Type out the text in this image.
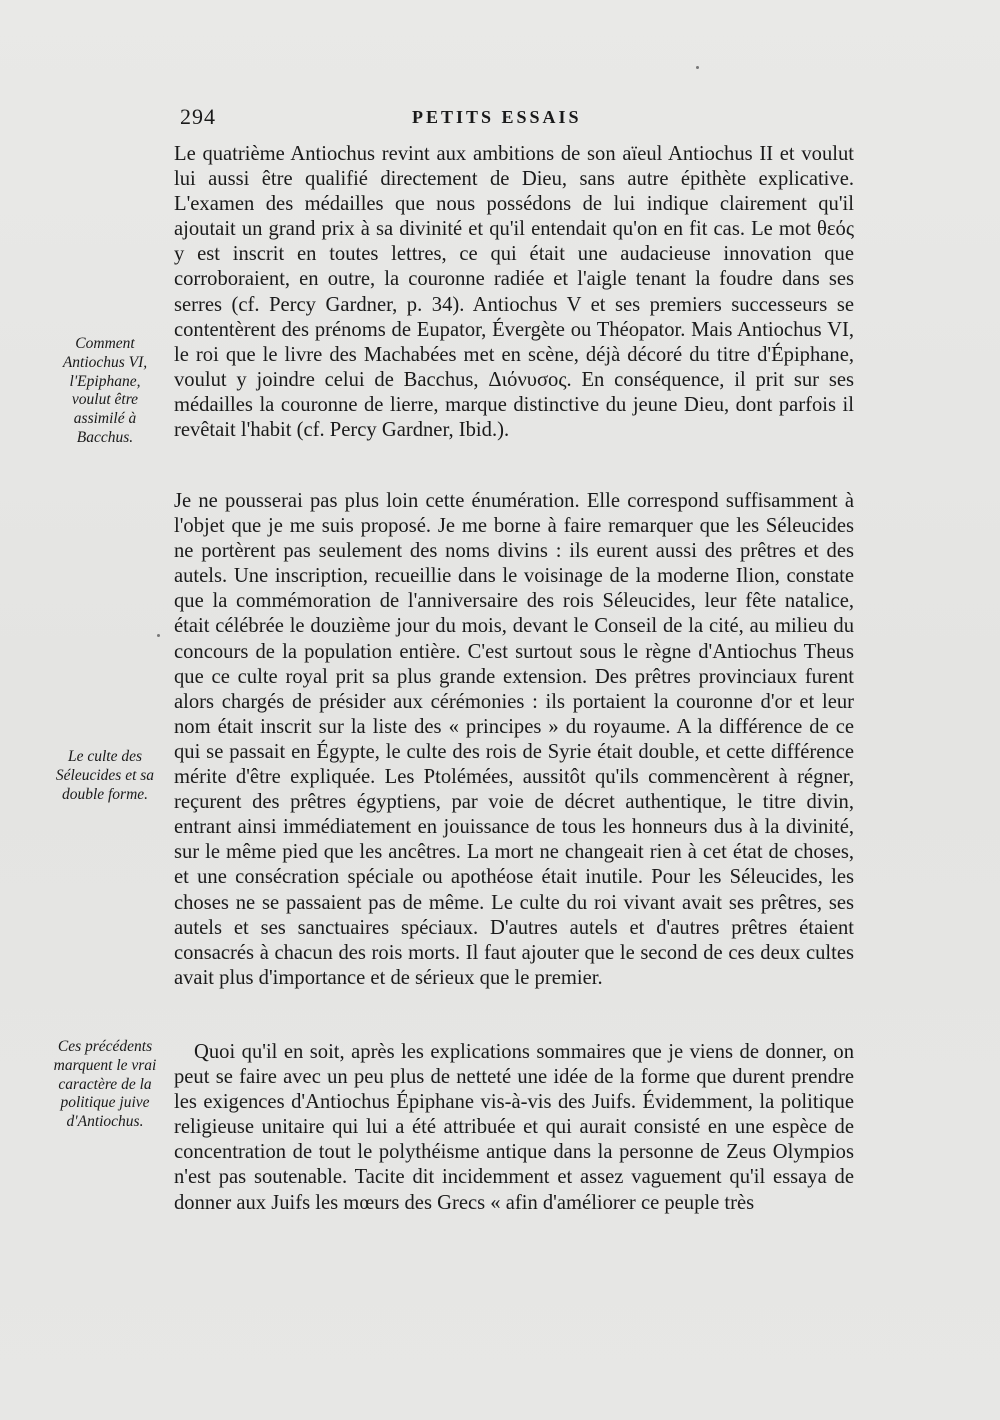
294	PETITS ESSAIS
Comment Antiochus VI, l'Epiphane, voulut être assimilé à Bacchus.
Le culte des Séleucides et sa double forme.
Ces précédents marquent le vrai caractère de la politique juive d'Antiochus.

Le quatrième Antiochus revint aux ambitions de son aïeul Antiochus II et voulut lui aussi être qualifié directement de Dieu, sans autre épithète explicative. L'examen des médailles que nous possédons de lui indique clairement qu'il ajoutait un grand prix à sa divinité et qu'il entendait qu'on en fit cas. Le mot θεός y est inscrit en toutes lettres, ce qui était une audacieuse innovation que corroboraient, en outre, la couronne radiée et l'aigle tenant la foudre dans ses serres (cf. Percy Gardner, p. 34). Antiochus V et ses premiers successeurs se contentèrent des prénoms de Eupator, Évergète ou Théopator. Mais Antiochus VI, le roi que le livre des Machabées met en scène, déjà décoré du titre d'Épiphane, voulut y joindre celui de Bacchus, Διόνυσος. En conséquence, il prit sur ses médailles la couronne de lierre, marque distinctive du jeune Dieu, dont parfois il revêtait l'habit (cf. Percy Gardner, Ibid.).

Je ne pousserai pas plus loin cette énumération. Elle correspond suffisamment à l'objet que je me suis proposé. Je me borne à faire remarquer que les Séleucides ne portèrent pas seulement des noms divins : ils eurent aussi des prêtres et des autels. Une inscription, recueillie dans le voisinage de la moderne Ilion, constate que la commémoration de l'anniversaire des rois Séleucides, leur fête natalice, était célébrée le douzième jour du mois, devant le Conseil de la cité, au milieu du concours de la population entière. C'est surtout sous le règne d'Antiochus Theus que ce culte royal prit sa plus grande extension. Des prêtres provinciaux furent alors chargés de présider aux cérémonies : ils portaient la couronne d'or et leur nom était inscrit sur la liste des « principes » du royaume. A la différence de ce qui se passait en Égypte, le culte des rois de Syrie était double, et cette différence mérite d'être expliquée. Les Ptolémées, aussitôt qu'ils commencèrent à régner, reçurent des prêtres égyptiens, par voie de décret authentique, le titre divin, entrant ainsi immédiatement en jouissance de tous les honneurs dus à la divinité, sur le même pied que les ancêtres. La mort ne changeait rien à cet état de choses, et une consécration spéciale ou apothéose était inutile. Pour les Séleucides, les choses ne se passaient pas de même. Le culte du roi vivant avait ses prêtres, ses autels et ses sanctuaires spéciaux. D'autres autels et d'autres prêtres étaient consacrés à chacun des rois morts. Il faut ajouter que le second de ces deux cultes avait plus d'importance et de sérieux que le premier.

Quoi qu'il en soit, après les explications sommaires que je viens de donner, on peut se faire avec un peu plus de netteté une idée de la forme que durent prendre les exigences d'Antiochus Épiphane vis-à-vis des Juifs. Évidemment, la politique religieuse unitaire qui lui a été attribuée et qui aurait consisté en une espèce de concentration de tout le polythéisme antique dans la personne de Zeus Olympios n'est pas soutenable. Tacite dit incidemment et assez vaguement qu'il essaya de donner aux Juifs les mœurs des Grecs « afin d'améliorer ce peuple très
